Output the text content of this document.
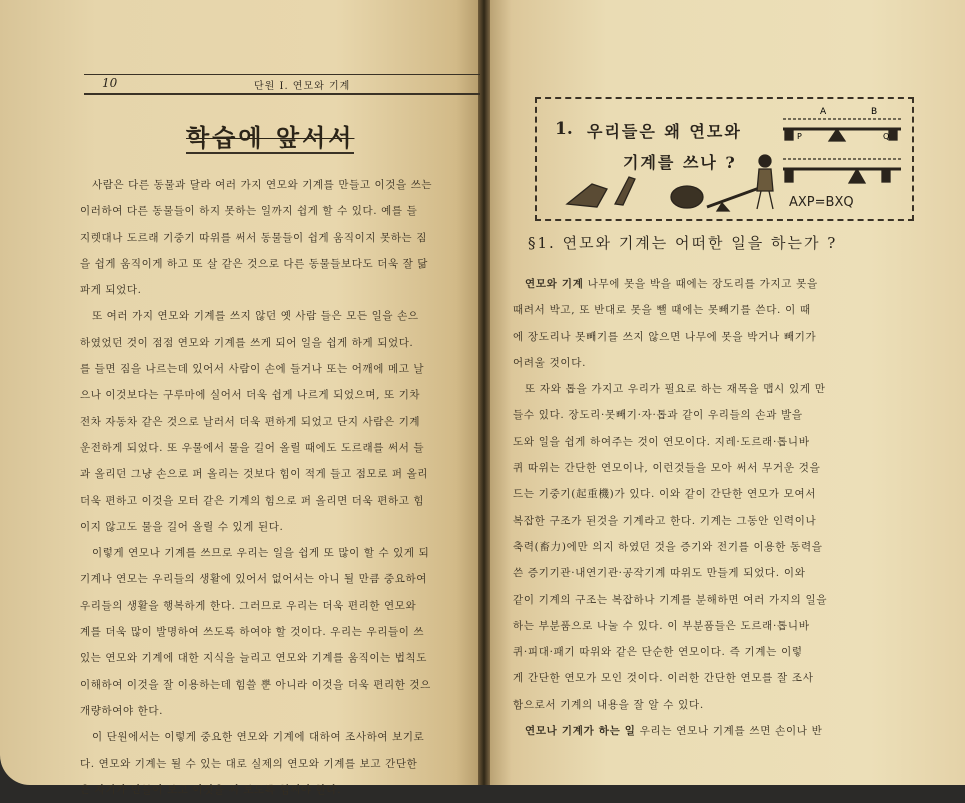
10	단원 I. 연모와 기계
학습에 앞서서

사람은 다른 동물과 달라 여러 가지 연모와 기계를 만들고 이것을 쓰는

이러하여 다른 동물들이 하지 못하는 일까지 쉽게 할 수 있다. 예를 들

지렛대나 도르래 기중기 따위를 써서 동물들이 쉽게 움직이지 못하는 짐

을 쉽게 움직이게 하고 또 살 같은 것으로 다른 동물들보다도 더욱 잘 닮

파게 되었다.

또 여러 가지 연모와 기계를 쓰지 않던 옛 사람 들은 모든 일을 손으

하였었던 것이 점점 연모와 기계를 쓰게 되어 일을 쉽게 하게 되었다.

를 들면 짐을 나르는데 있어서 사람이 손에 들거나 또는 어깨에 메고 날

으나 이것보다는 구루마에 실어서 더욱 쉽게 나르게 되었으며, 또 기차

전차 자동차 같은 것으로 날러서 더욱 편하게 되었고 단지 사람은 기계

운전하게 되었다. 또 우물에서 물을 길어 올릴 때에도 도르래를 써서 들

과 올리던 그냥 손으로 퍼 올리는 것보다 힘이 적게 들고 점모로 퍼 올리

더욱 편하고 이것을 모터 같은 기계의 힘으로 퍼 올리면 더욱 편하고 힘

이지 않고도 물을 길어 올릴 수 있게 된다.

이렇게 연모나 기계를 쓰므로 우리는 일을 쉽게 또 많이 할 수 있게 되

기계나 연모는 우리들의 생활에 있어서 없어서는 아니 될 만큼 중요하여

우리들의 생활을 행복하게 한다. 그러므로 우리는 더욱 편리한 연모와

계를 더욱 많이 발명하여 쓰도록 하여야 할 것이다. 우리는 우리들이 쓰

있는 연모와 기계에 대한 지식을 늘리고 연모와 기계를 움직이는 법칙도

이해하여 이것을 잘 이용하는데 힘쓸 뿐 아니라 이것을 더욱 편리한 것으

개량하여야 한다.

이 단원에서는 이렇게 중요한 연모와 기계에 대하여 조사하여 보기로

다. 연모와 기계는 될 수 있는 대로 실제의 연모와 기계를 보고 간단한

은 자기가 만들어 보고 이것을 써 보도록 힘써야 한다.

1. 우리들은 왜 연모와
기계를 쓰나 ?
A	B
P	Q
AXP=BXQ
§1. 연모와 기계는 어떠한 일을 하는가 ?

연모와 기계 나무에 못을 박을 때에는 장도리를 가지고 못을

때려서 박고, 또 반대로 못을 뺄 때에는 못빼기를 쓴다. 이 때

에 장도리나 못빼기를 쓰지 않으면 나무에 못을 박거나 빼기가

어려울 것이다.

또 자와 톱을 가지고 우리가 필요로 하는 재목을 맵시 있게 만

들수 있다. 장도리·못빼기·자·톱과 같이 우리들의 손과 발을

도와 일을 쉽게 하여주는 것이 연모이다. 지레·도르래·톱니바

퀴 따위는 간단한 연모이나, 이런것들을 모아 써서 무거운 것을

드는 기중기(起重機)가 있다. 이와 같이 간단한 연모가 모여서

복잡한 구조가 된것을 기계라고 한다. 기계는 그동안 인력이나

축력(畜力)에만 의지 하였던 것을 증기와 전기를 이용한 동력을

쓴 증기기관·내연기관·공작기계 따위도 만들게 되었다. 이와

같이 기계의 구조는 복잡하나 기계를 분해하면 여러 가지의 일을

하는 부분품으로 나눌 수 있다. 이 부분품들은 도르래·톱니바

퀴·피대·패기 따위와 같은 단순한 연모이다. 즉 기계는 이렇

게 간단한 연모가 모인 것이다. 이러한 간단한 연모를 잘 조사

함으로서 기계의 내용을 잘 알 수 있다.

연모나 기계가 하는 일 우리는 연모나 기계를 쓰면 손이나 반
